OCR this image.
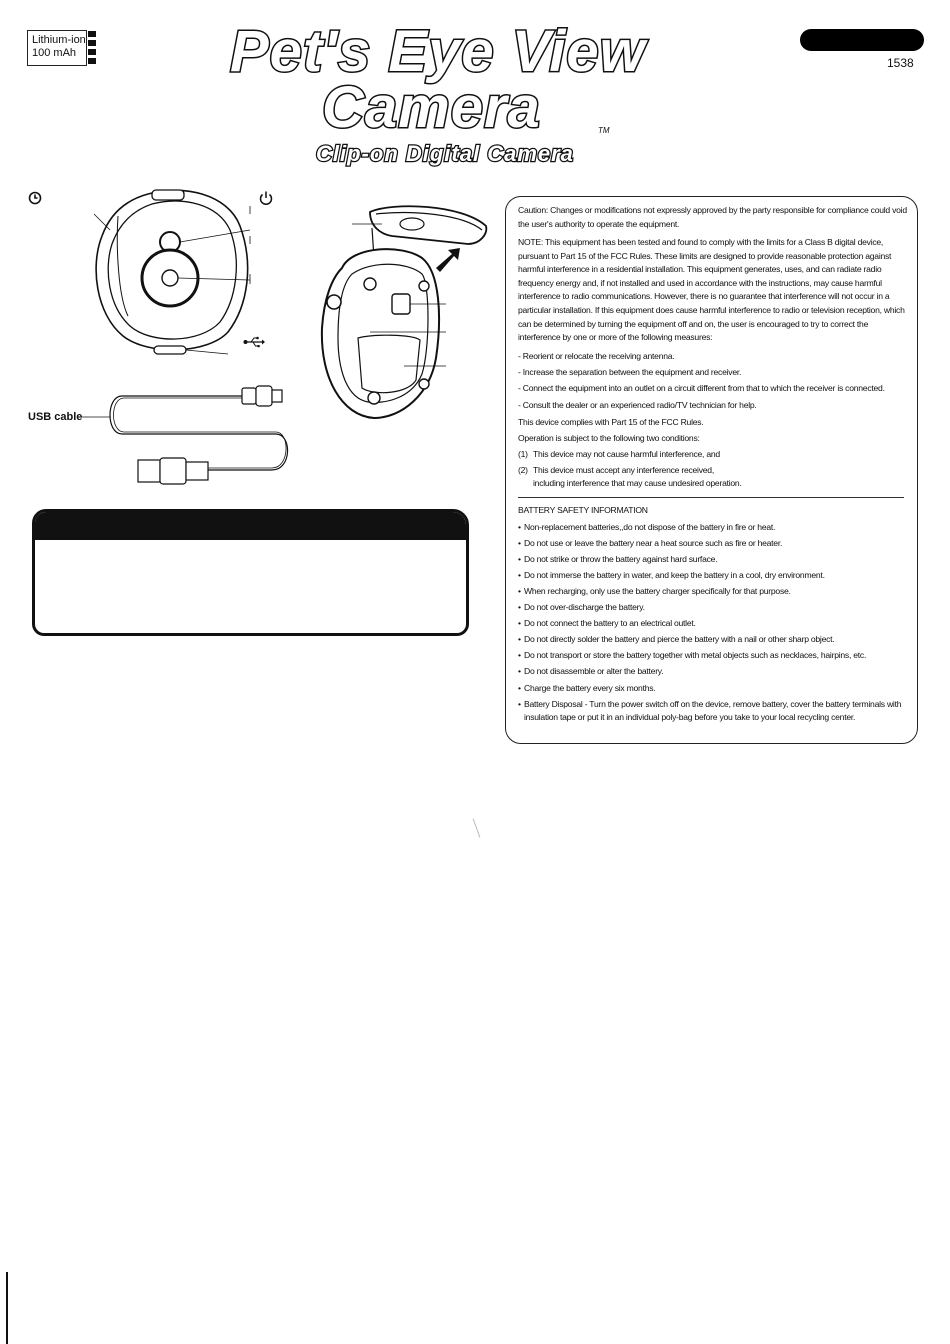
Lithium-ion
100 mAh	Pet's Eye View
Camera	TM
Clip-on Digital Camera
1538
USB cable

Caution: Changes or modifications not expressly approved by the party responsible for compliance could void the user's authority to operate the equipment.

NOTE: This equipment has been tested and found to comply with the limits for a Class B digital device, pursuant to Part 15 of the FCC Rules. These limits are designed to provide reasonable protection against harmful interference in a residential installation. This equipment generates, uses, and can radiate radio frequency energy and, if not installed and used in accordance with the instructions, may cause harmful interference to radio communications. However, there is no guarantee that interference will not occur in a particular installation. If this equipment does cause harmful interference to radio or television reception, which can be determined by turning the equipment off and on, the user is encouraged to try to correct the interference by one or more of the following measures:

- Reorient or relocate the receiving antenna.

- Increase the separation between the equipment and receiver.

- Connect the equipment into an outlet on a circuit different from that to which the receiver is connected.

- Consult the dealer or an experienced radio/TV technician for help.

This device complies with Part 15 of the FCC Rules.

Operation is subject to the following two conditions:

(1) This device may not cause harmful interference, and
(2) This device must accept any interference received, including interference that may cause undesired operation.
BATTERY SAFETY INFORMATION
• Non-replacement batteries,,do not dispose of the battery in fire or heat.
• Do not use or leave the battery near a heat source such as fire or heater.
• Do not strike or throw the battery against hard surface.
• Do not immerse the battery in water, and keep the battery in a cool, dry environment.
• When recharging, only use the battery charger specifically for that purpose.
• Do not over-discharge the battery.
• Do not connect the battery to an electrical outlet.
• Do not directly solder the battery and pierce the battery with a nail or other sharp object.
• Do not transport or store the battery together with metal objects such as necklaces, hairpins, etc.
• Do not disassemble or alter the battery.
• Charge the battery every six months.
• Battery Disposal - Turn the power switch off on the device, remove battery, cover the battery terminals with insulation tape or put it in an individual poly-bag before you take to your local recycling center.
